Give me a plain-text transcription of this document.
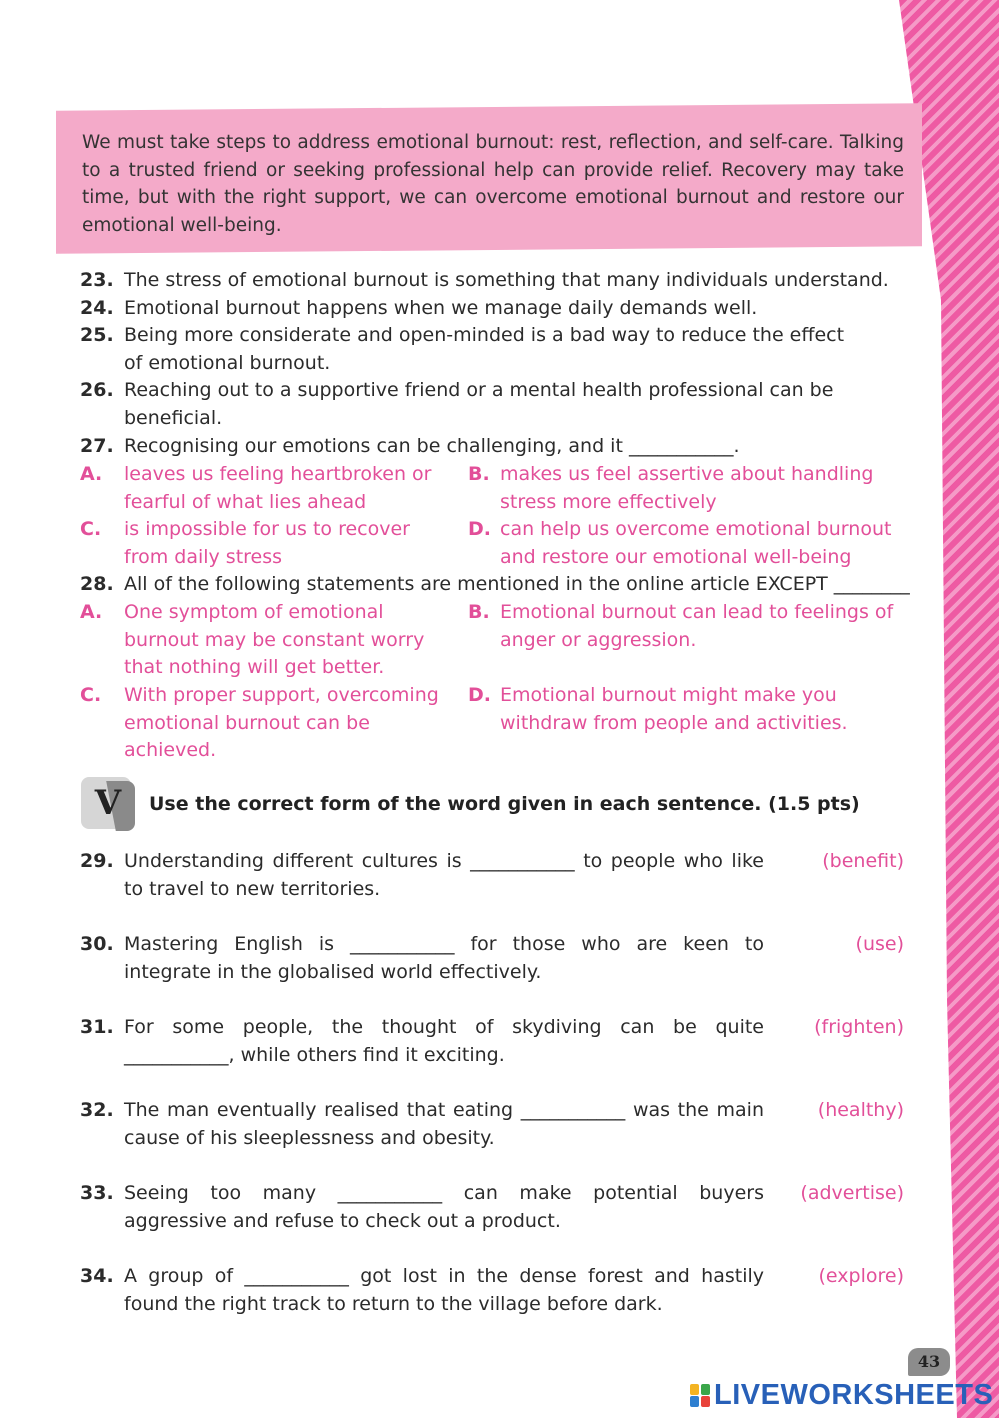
We must take steps to address emotional burnout: rest, reflection, and self-care. Talking to a trusted friend or seeking professional help can provide relief. Recovery may take time, but with the right support, we can overcome emotional burnout and restore our emotional well-being.

23. The stress of emotional burnout is something that many individuals understand.
24. Emotional burnout happens when we manage daily demands well.
25. Being more considerate and open-minded is a bad way to reduce the effect of emotional burnout.
26. Reaching out to a supportive friend or a mental health professional can be beneficial.
27. Recognising our emotions can be challenging, and it ___________.
A. leaves us feeling heartbroken or fearful of what lies ahead
B. makes us feel assertive about handling stress more effectively
C. is impossible for us to recover from daily stress
D. can help us overcome emotional burnout and restore our emotional well-being
28. All of the following statements are mentioned in the online article EXCEPT ________
A. One symptom of emotional burnout may be constant worry that nothing will get better.
B. Emotional burnout can lead to feelings of anger or aggression.
C. With proper support, overcoming emotional burnout can be achieved.
D. Emotional burnout might make you withdraw from people and activities.
V	Use the correct form of the word given in each sentence. (1.5 pts)
29. Understanding different cultures is ___________ to people who like to travel to new territories.
(benefit)
30. Mastering English is ___________ for those who are keen to integrate in the globalised world effectively.
(use)
31. For some people, the thought of skydiving can be quite ___________, while others find it exciting.
(frighten)
32. The man eventually realised that eating ___________ was the main cause of his sleeplessness and obesity.
(healthy)
33. Seeing too many ___________ can make potential buyers aggressive and refuse to check out a product.
(advertise)
34. A group of ___________ got lost in the dense forest and hastily found the right track to return to the village before dark.
(explore)
43
LIVEWORKSHEETS
